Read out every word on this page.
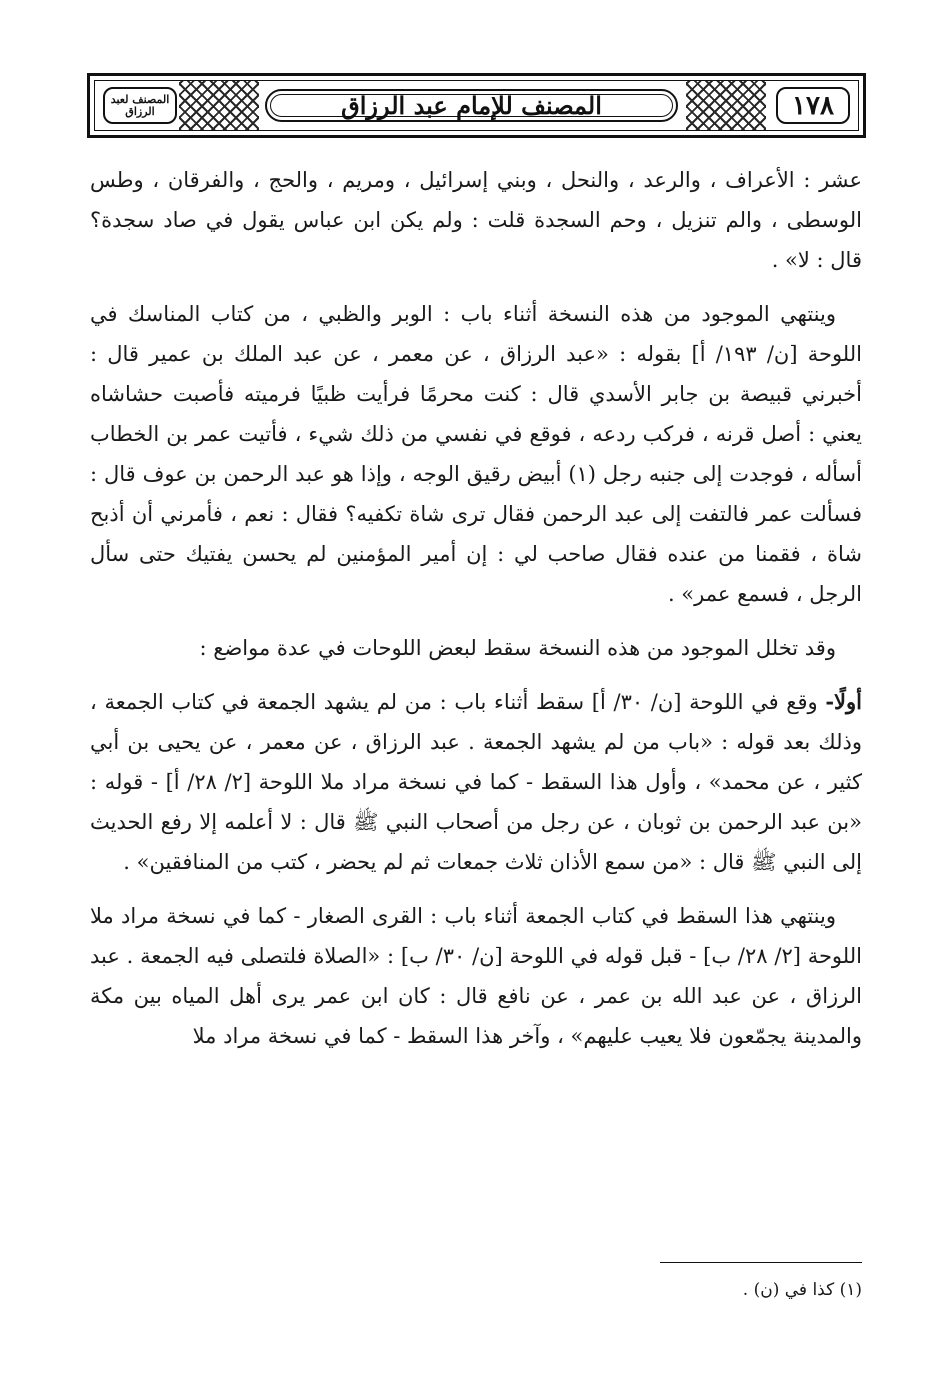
المصنف لعبد الرزاق	المصنف للإمام عبد الرزاق	١٧٨

عشر : الأعراف ، والرعد ، والنحل ، وبني إسرائيل ، ومريم ، والحج ، والفرقان ، وطس الوسطى ، والم تنزيل ، وحم السجدة قلت : ولم يكن ابن عباس يقول في صاد سجدة؟ قال : لا» .

وينتهي الموجود من هذه النسخة أثناء باب : الوبر والظبي ، من كتاب المناسك في اللوحة [ن/ ١٩٣/ أ] بقوله : «عبد الرزاق ، عن معمر ، عن عبد الملك بن عمير قال : أخبرني قبيصة بن جابر الأسدي قال : كنت محرمًا فرأيت ظبيًا فرميته فأصبت حشاشاه يعني : أصل قرنه ، فركب ردعه ، فوقع في نفسي من ذلك شيء ، فأتيت عمر بن الخطاب أسأله ، فوجدت إلى جنبه رجل (١) أبيض رقيق الوجه ، وإذا هو عبد الرحمن بن عوف قال : فسألت عمر فالتفت إلى عبد الرحمن فقال ترى شاة تكفيه؟ فقال : نعم ، فأمرني أن أذبح شاة ، فقمنا من عنده فقال صاحب لي : إن أمير المؤمنين لم يحسن يفتيك حتى سأل الرجل ، فسمع عمر» .

وقد تخلل الموجود من هذه النسخة سقط لبعض اللوحات في عدة مواضع :

أولًا- وقع في اللوحة [ن/ ٣٠/ أ] سقط أثناء باب : من لم يشهد الجمعة في كتاب الجمعة ، وذلك بعد قوله : «باب من لم يشهد الجمعة . عبد الرزاق ، عن معمر ، عن يحيى بن أبي كثير ، عن محمد» ، وأول هذا السقط - كما في نسخة مراد ملا اللوحة [٢/ ٢٨/ أ] - قوله : «بن عبد الرحمن بن ثوبان ، عن رجل من أصحاب النبي ﷺ قال : لا أعلمه إلا رفع الحديث إلى النبي ﷺ قال : «من سمع الأذان ثلاث جمعات ثم لم يحضر ، كتب من المنافقين» .

وينتهي هذا السقط في كتاب الجمعة أثناء باب : القرى الصغار - كما في نسخة مراد ملا اللوحة [٢/ ٢٨/ ب] - قبل قوله في اللوحة [ن/ ٣٠/ ب] : «الصلاة فلتصلى فيه الجمعة . عبد الرزاق ، عن عبد الله بن عمر ، عن نافع قال : كان ابن عمر يرى أهل المياه بين مكة والمدينة يجمّعون فلا يعيب عليهم» ، وآخر هذا السقط - كما في نسخة مراد ملا

(١) كذا في (ن) .
